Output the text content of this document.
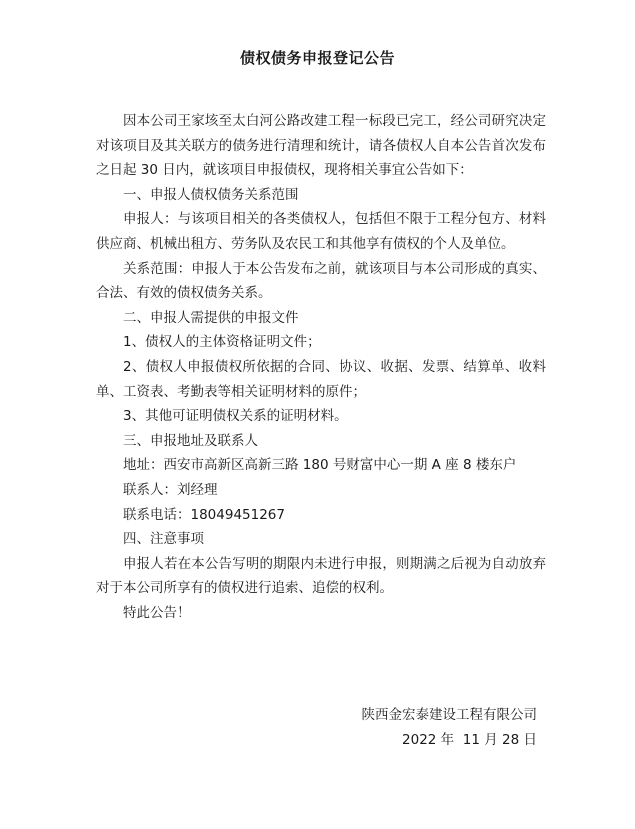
债权债务申报登记公告

因本公司王家垓至太白河公路改建工程一标段已完工，经公司研究决定对该项目及其关联方的债务进行清理和统计，请各债权人自本公告首次发布之日起 30 日内，就该项目申报债权，现将相关事宜公告如下：

一、申报人债权债务关系范围

申报人：与该项目相关的各类债权人，包括但不限于工程分包方、材料供应商、机械出租方、劳务队及农民工和其他享有债权的个人及单位。

关系范围：申报人于本公告发布之前，就该项目与本公司形成的真实、合法、有效的债权债务关系。

二、申报人需提供的申报文件

1、债权人的主体资格证明文件；

2、债权人申报债权所依据的合同、协议、收据、发票、结算单、收料单、工资表、考勤表等相关证明材料的原件；

3、其他可证明债权关系的证明材料。

三、申报地址及联系人

地址：西安市高新区高新三路 180 号财富中心一期 A 座 8 楼东户

联系人：刘经理

联系电话：18049451267

四、注意事项

申报人若在本公告写明的期限内未进行申报，则期满之后视为自动放弃对于本公司所享有的债权进行追索、追偿的权利。

特此公告！

陕西金宏泰建设工程有限公司
2022 年  11 月 28 日
